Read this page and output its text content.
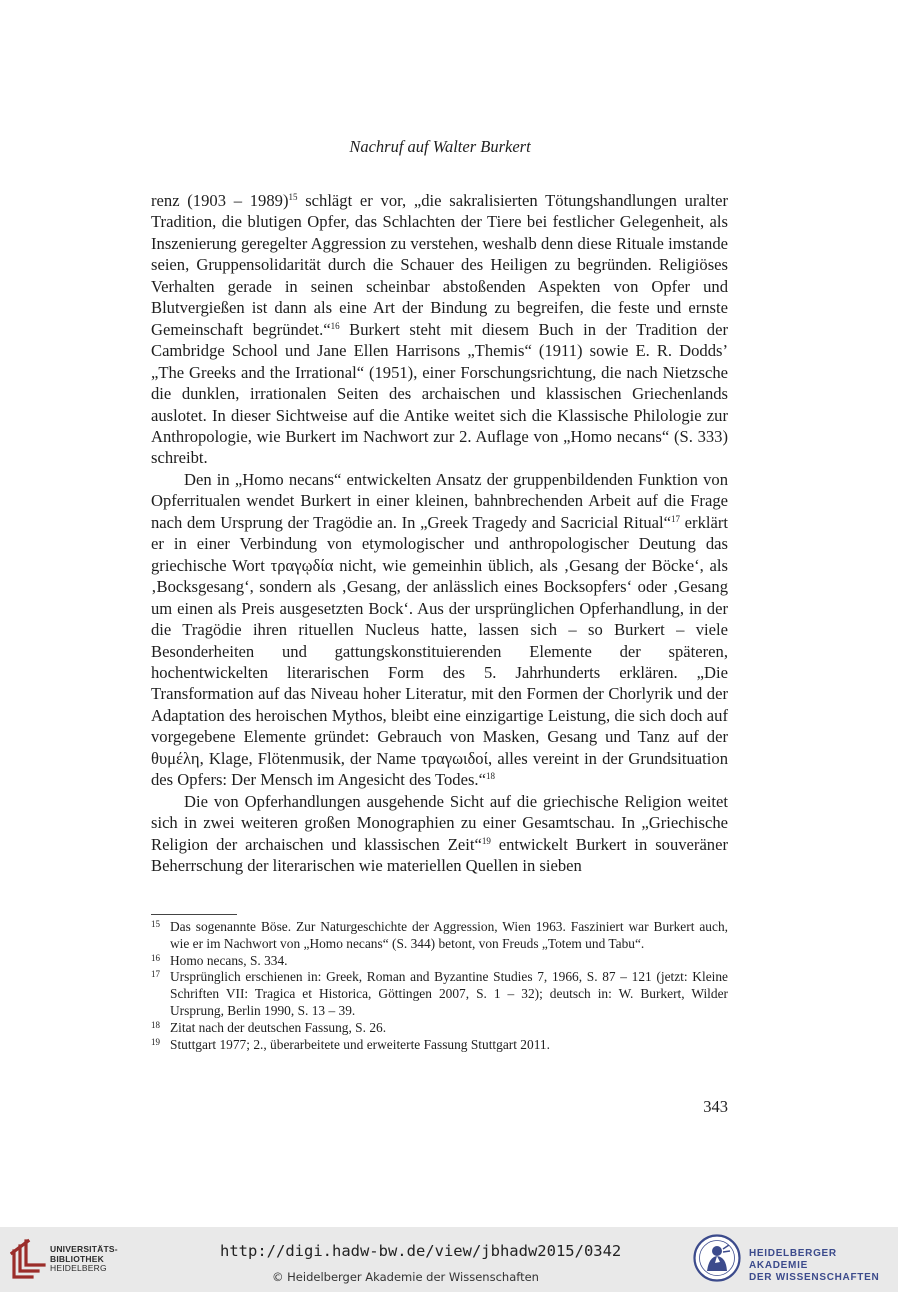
Nachruf auf Walter Burkert

renz (1903 – 1989)$^{15}$ schlägt er vor, „die sakralisierten Tötungshandlungen uralter Tradition, die blutigen Opfer, das Schlachten der Tiere bei festlicher Gelegenheit, als Inszenierung geregelter Aggression zu verstehen, weshalb denn diese Rituale imstande seien, Gruppensolidarität durch die Schauer des Heiligen zu begründen. Religiöses Verhalten gerade in seinen scheinbar abstoßenden Aspekten von Opfer und Blutvergießen ist dann als eine Art der Bindung zu begreifen, die feste und ernste Gemeinschaft begründet.“$^{16}$ Burkert steht mit diesem Buch in der Tradition der Cambridge School und Jane Ellen Harrisons „Themis“ (1911) sowie E. R. Dodds’ „The Greeks and the Irrational“ (1951), einer Forschungsrichtung, die nach Nietzsche die dunklen, irrationalen Seiten des archaischen und klassischen Griechenlands auslotet. In dieser Sichtweise auf die Antike weitet sich die Klassische Philologie zur Anthropologie, wie Burkert im Nachwort zur 2. Auflage von „Homo necans“ (S. 333) schreibt.

Den in „Homo necans“ entwickelten Ansatz der gruppenbildenden Funktion von Opferritualen wendet Burkert in einer kleinen, bahnbrechenden Arbeit auf die Frage nach dem Ursprung der Tragödie an. In „Greek Tragedy and Sacricial Ritual“$^{17}$ erklärt er in einer Verbindung von etymologischer und anthropologischer Deutung das griechische Wort τραγῳδία nicht, wie gemeinhin üblich, als ‚Gesang der Böcke‘, als ‚Bocksgesang‘, sondern als ‚Gesang, der anlässlich eines Bocksopfers‘ oder ‚Gesang um einen als Preis ausgesetzten Bock‘. Aus der ursprünglichen Opferhandlung, in der die Tragödie ihren rituellen Nucleus hatte, lassen sich – so Burkert – viele Besonderheiten und gattungskonstituierenden Elemente der späteren, hochentwickelten literarischen Form des 5. Jahrhunderts erklären. „Die Transformation auf das Niveau hoher Literatur, mit den Formen der Chorlyrik und der Adaptation des heroischen Mythos, bleibt eine einzigartige Leistung, die sich doch auf vorgegebene Elemente gründet: Gebrauch von Masken, Gesang und Tanz auf der θυμέλη, Klage, Flötenmusik, der Name τραγωιδοί, alles vereint in der Grundsituation des Opfers: Der Mensch im Angesicht des Todes.“$^{18}$

Die von Opferhandlungen ausgehende Sicht auf die griechische Religion weitet sich in zwei weiteren großen Monographien zu einer Gesamtschau. In „Griechische Religion der archaischen und klassischen Zeit“$^{19}$ entwickelt Burkert in souveräner Beherrschung der literarischen wie materiellen Quellen in sieben

15 Das sogenannte Böse. Zur Naturgeschichte der Aggression, Wien 1963. Fasziniert war Burkert auch, wie er im Nachwort von „Homo necans“ (S. 344) betont, von Freuds „Totem und Tabu“.
16 Homo necans, S. 334.
17 Ursprünglich erschienen in: Greek, Roman and Byzantine Studies 7, 1966, S. 87 – 121 (jetzt: Kleine Schriften VII: Tragica et Historica, Göttingen 2007, S. 1 – 32); deutsch in: W. Burkert, Wilder Ursprung, Berlin 1990, S. 13 – 39.
18 Zitat nach der deutschen Fassung, S. 26.
19 Stuttgart 1977; 2., überarbeitete und erweiterte Fassung Stuttgart 2011.
343
UNIVERSITÄTS-
BIBLIOTHEK
HEIDELBERG
http://digi.hadw-bw.de/view/jbhadw2015/0342
© Heidelberger Akademie der Wissenschaften
HEIDELBERGER AKADEMIE
DER WISSENSCHAFTEN
